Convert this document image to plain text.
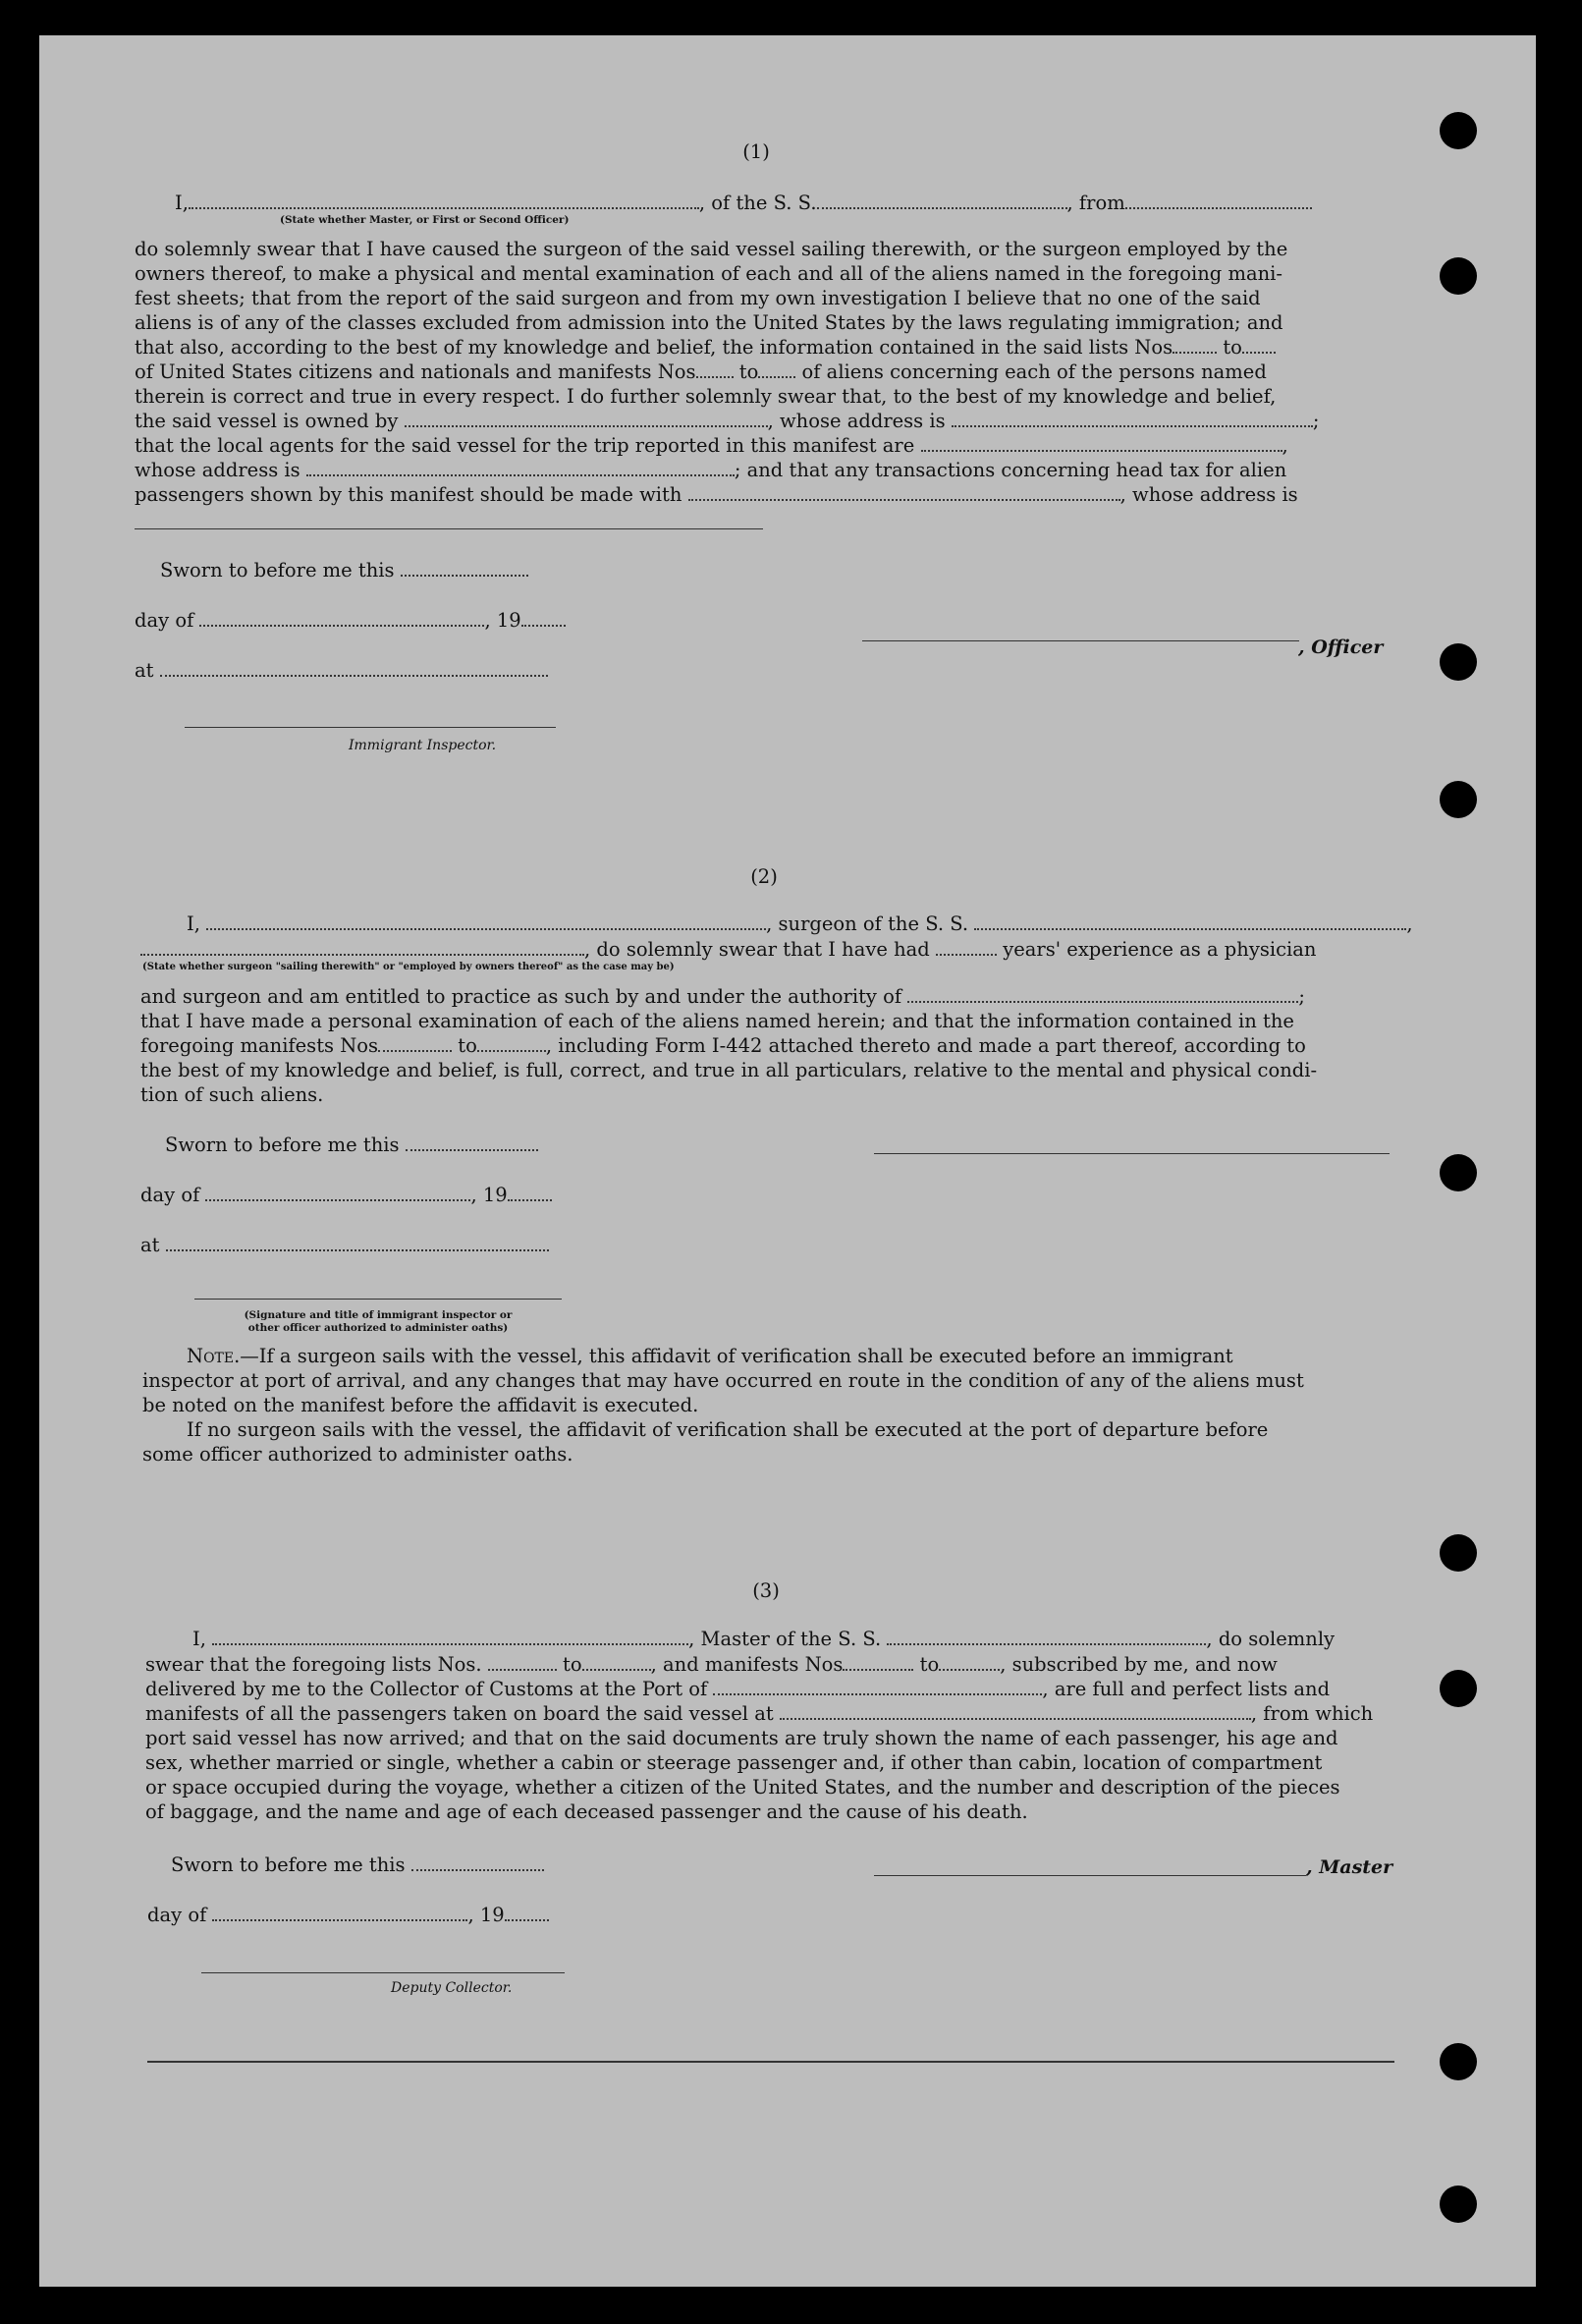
(1)
I,	, of the S. S.	, from
(State whether Master, or First or Second Officer)
do solemnly swear that I have caused the surgeon of the said vessel sailing therewith, or the surgeon employed by the
owners thereof, to make a physical and mental examination of each and all of the aliens named in the foregoing mani-
fest sheets; that from the report of the said surgeon and from my own investigation I believe that no one of the said
aliens is of any of the classes excluded from admission into the United States by the laws regulating immigration; and
that also, according to the best of my knowledge and belief, the information contained in the said lists Nos	to
of United States citizens and nationals and manifests Nos to of aliens concerning each of the persons named
therein is correct and true in every respect. I do further solemnly swear that, to the best of my knowledge and belief,
the said vessel is owned by	, whose address is	;
that the local agents for the said vessel for the trip reported in this manifest are	,
whose address is	; and that any transactions concerning head tax for alien
passengers shown by this manifest should be made with	, whose address is
Sworn to before me this
day of	, 19
, Officer
at
Immigrant Inspector.
(2)
I,	, surgeon of the S. S.	,
, do solemnly swear that I have had	years' experience as a physician
(State whether surgeon "sailing therewith" or "employed by owners thereof" as the case may be)
and surgeon and am entitled to practice as such by and under the authority of	;
that I have made a personal examination of each of the aliens named herein; and that the information contained in the
foregoing manifests Nos	to	, including Form I-442 attached thereto and made a part thereof, according to
the best of my knowledge and belief, is full, correct, and true in all particulars, relative to the mental and physical condi-
tion of such aliens.
Sworn to before me this
day of	, 19
at
(Signature and title of immigrant inspector or
other officer authorized to administer oaths)
Note.—If a surgeon sails with the vessel, this affidavit of verification shall be executed before an immigrant
inspector at port of arrival, and any changes that may have occurred en route in the condition of any of the aliens must
be noted on the manifest before the affidavit is executed.
If no surgeon sails with the vessel, the affidavit of verification shall be executed at the port of departure before
some officer authorized to administer oaths.
(3)
I,	, Master of the S. S.	, do solemnly
swear that the foregoing lists Nos.	to	, and manifests Nos	to	, subscribed by me, and now
delivered by me to the Collector of Customs at the Port of	, are full and perfect lists and
manifests of all the passengers taken on board the said vessel at	, from which
port said vessel has now arrived; and that on the said documents are truly shown the name of each passenger, his age and
sex, whether married or single, whether a cabin or steerage passenger and, if other than cabin, location of compartment
or space occupied during the voyage, whether a citizen of the United States, and the number and description of the pieces
of baggage, and the name and age of each deceased passenger and the cause of his death.
Sworn to before me this	, Master
day of	, 19
Deputy Collector.
